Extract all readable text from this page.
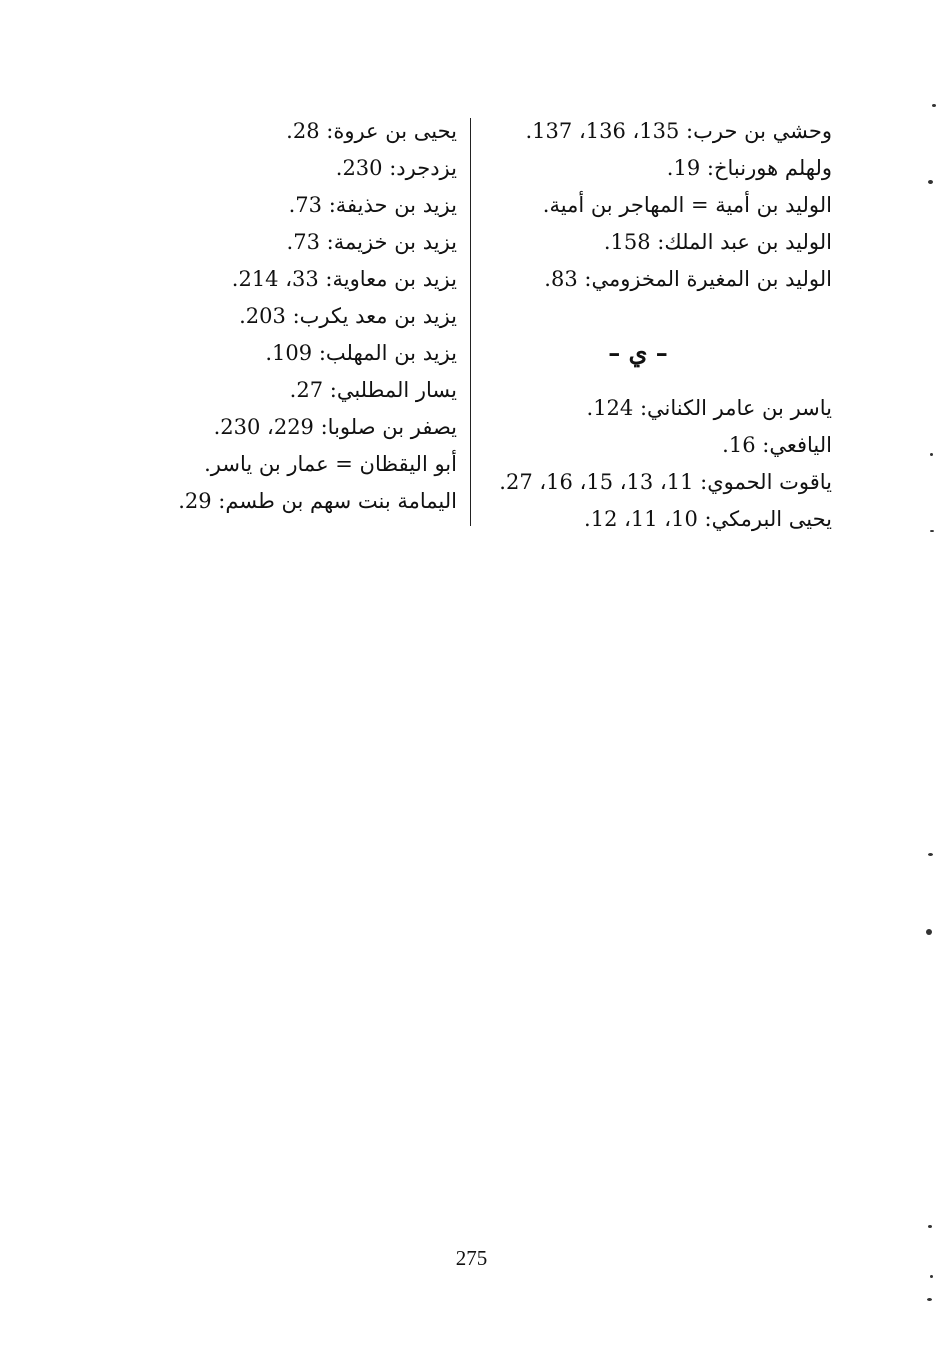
وحشي بن حرب: 135، 136، 137.
ولهلم هورنباخ: 19.
الوليد بن أمية = المهاجر بن أمية.
الوليد بن عبد الملك: 158.
الوليد بن المغيرة المخزومي: 83.
– ي –
ياسر بن عامر الكناني: 124.
اليافعي: 16.
ياقوت الحموي: 11، 13، 15، 16، 27.
يحيى البرمكي: 10، 11، 12.
يحيى بن عروة: 28.
يزدجرد: 230.
يزيد بن حذيفة: 73.
يزيد بن خزيمة: 73.
يزيد بن معاوية: 33، 214.
يزيد بن معد يكرب: 203.
يزيد بن المهلب: 109.
يسار المطلبي: 27.
يصفر بن صلوبا: 229، 230.
أبو اليقظان = عمار بن ياسر.
اليمامة بنت سهم بن طسم: 29.
275
